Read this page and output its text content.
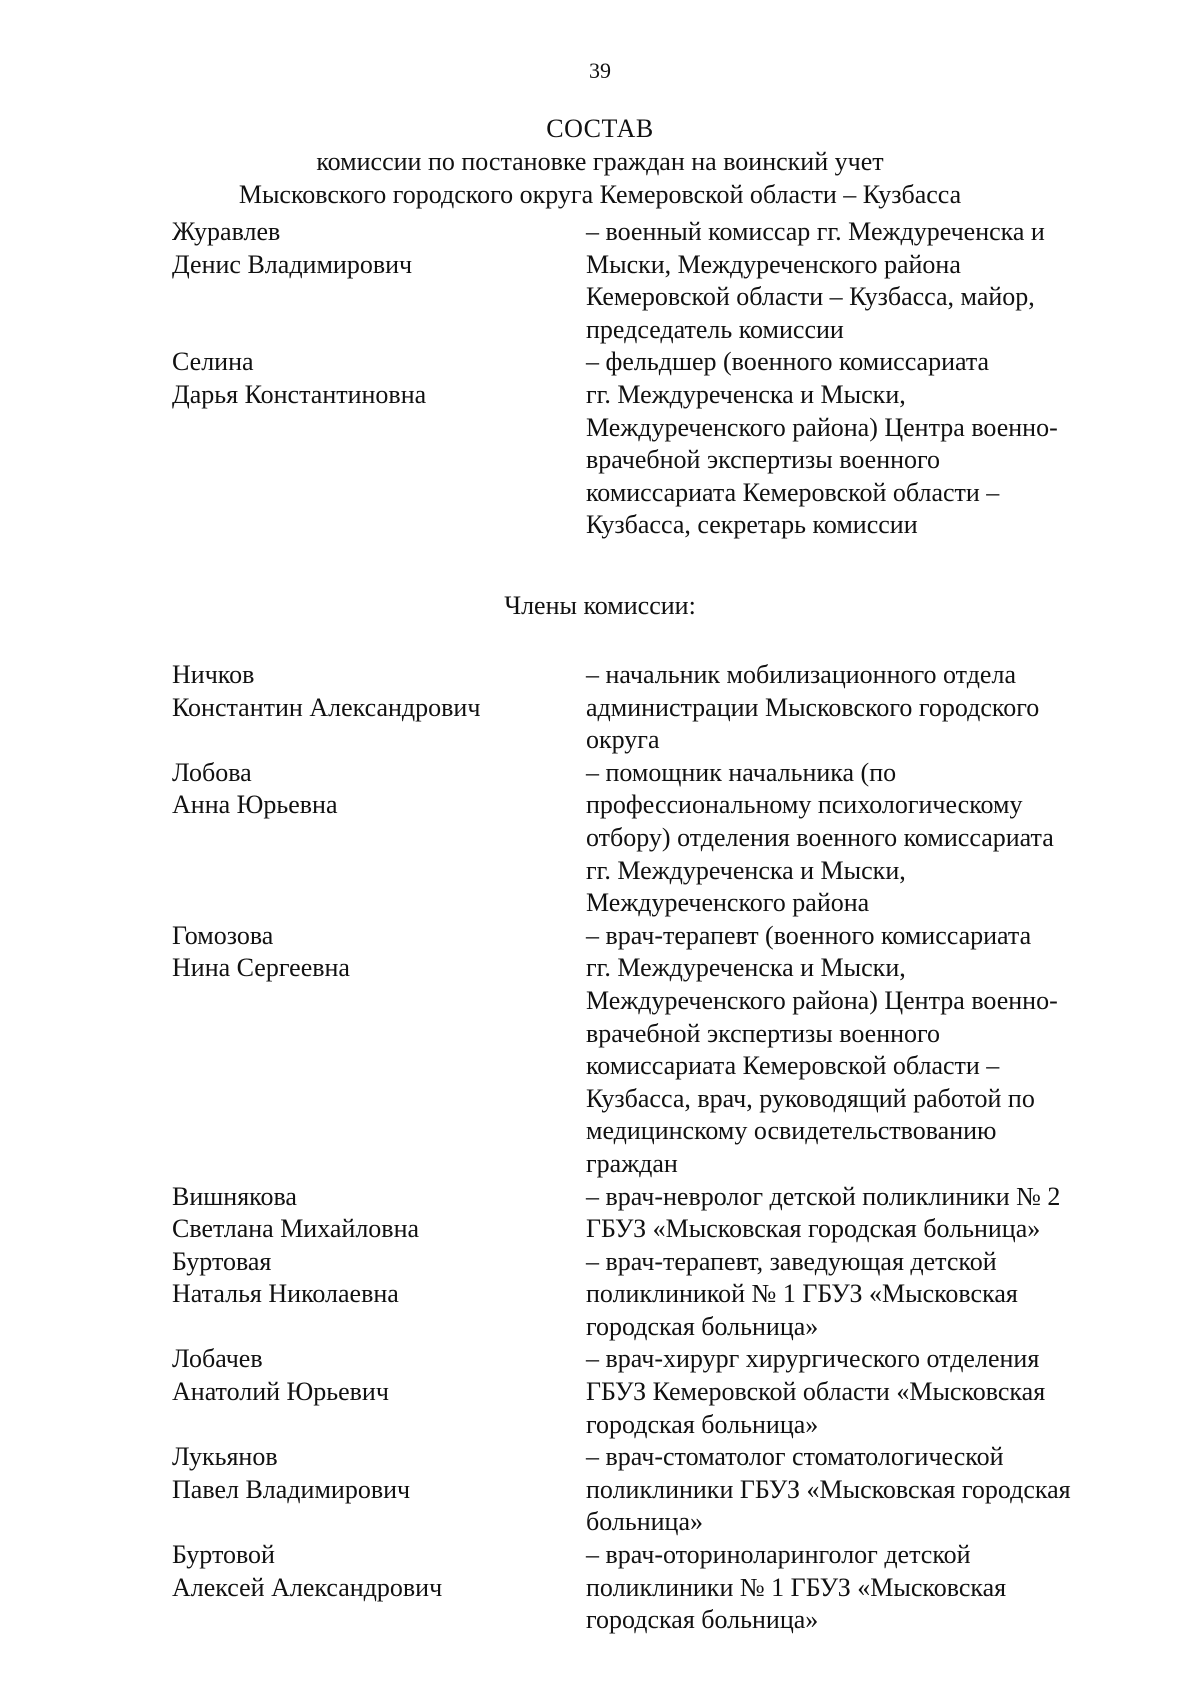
39
СОСТАВ
комиссии по постановке граждан на воинский учет
Мысковского городского округа Кемеровской области – Кузбасса
Журавлев
Денис Владимирович
– военный комиссар гг. Междуреченска и
Мыски, Междуреченского района
Кемеровской области – Кузбасса, майор,
председатель комиссии
Селина
Дарья Константиновна
– фельдшер (военного комиссариата
гг. Междуреченска и Мыски,
Междуреченского района) Центра военно-
врачебной экспертизы военного
комиссариата Кемеровской области –
Кузбасса, секретарь комиссии
Члены комиссии:
Ничков
Константин Александрович
– начальник мобилизационного отдела
администрации Мысковского городского
округа
Лобова
Анна Юрьевна
– помощник начальника (по
профессиональному психологическому
отбору) отделения военного комиссариата
гг. Междуреченска и Мыски,
Междуреченского района
Гомозова
Нина Сергеевна
– врач-терапевт (военного комиссариата
гг. Междуреченска и Мыски,
Междуреченского района) Центра военно-
врачебной экспертизы военного
комиссариата Кемеровской области –
Кузбасса, врач, руководящий работой по
медицинскому освидетельствованию
граждан
Вишнякова
Светлана Михайловна
– врач-невролог детской поликлиники № 2
ГБУЗ «Мысковская городская больница»
Буртовая
Наталья Николаевна
– врач-терапевт, заведующая детской
поликлиникой № 1 ГБУЗ «Мысковская
городская больница»
Лобачев
Анатолий Юрьевич
– врач-хирург хирургического отделения
ГБУЗ Кемеровской области «Мысковская
городская больница»
Лукьянов
Павел Владимирович
– врач-стоматолог стоматологической
поликлиники ГБУЗ «Мысковская городская
больница»
Буртовой
Алексей Александрович
– врач-оториноларинголог детской
поликлиники № 1 ГБУЗ «Мысковская
городская больница»
